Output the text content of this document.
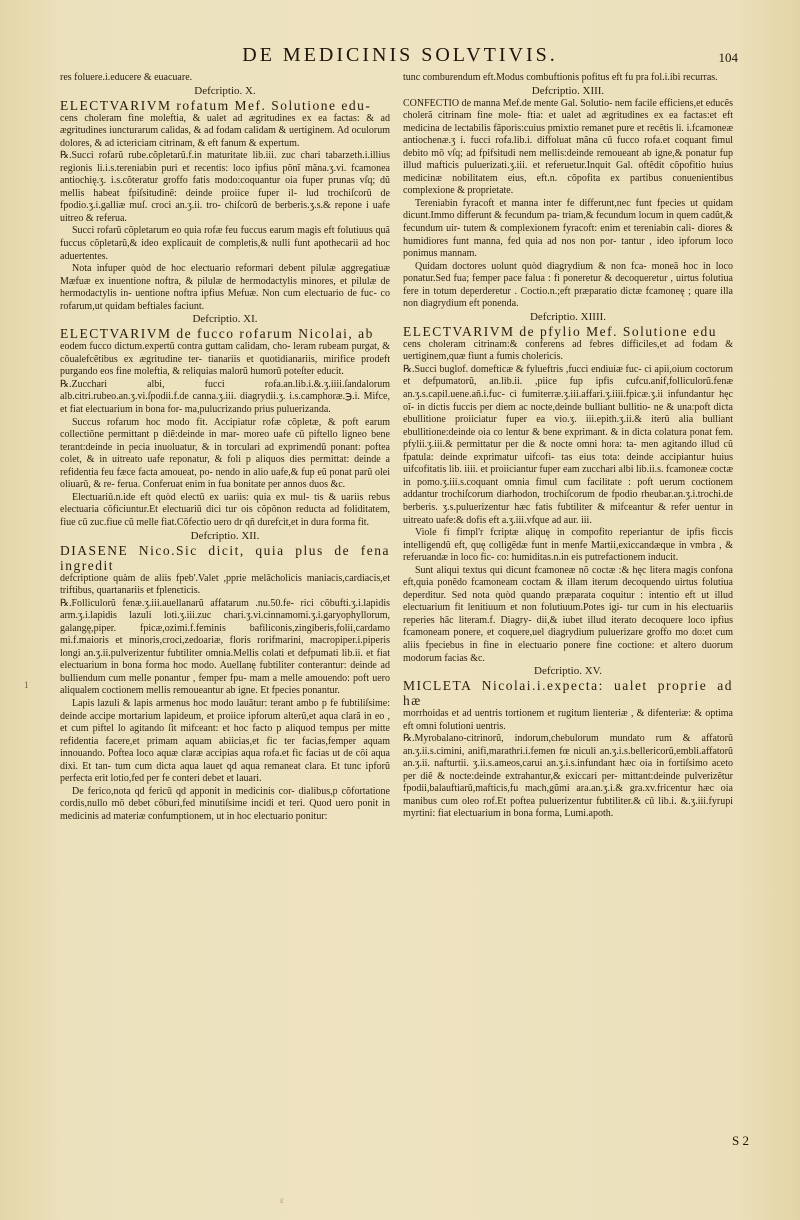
DE MEDICINIS SOLVTIVIS.	104

res foluere.i.educere & euacuare.

Defcriptio. X.

ELECTVARIVM rofatum Mef. Solutione edu-

cens choleram fine moleftia, & ualet ad ægritudines ex ea factas: & ad ægritudines iuncturarum calidas, & ad fodam calidam & uertiginem. Ad oculorum dolores, & ad ictericiam citrinam, & eft fanum & expertum.

℞.Succi rofarũ rube.cõpletarũ.f.in maturitate lib.iii. zuc chari tabarzeth.i.illius regionis li.i.s.tereniabin puri et recentis: loco ipfius põnĩ mãna.ʒ.vi. fcamonea antiochię.ʒ. i.s.cõteratur groffo fatis modo:coquantur oia fuper prunas vſq; dũ mellis habeat fpiſsitudinẽ: deinde proiice fuper il- lud trochiſcorũ de fpodio.ʒ.i.galliæ muſ. croci an.ʒ.ii. tro- chiſcorũ de berberis.ʒ.s.& repone i uafe uitreo & referua.

Succi rofarũ cõpletarum eo quia rofæ feu fuccus earum magis eft folutiuus quã fuccus cõpletarũ,& ideo explicauit de completis,& nulli funt apothecarii ad hoc aduertentes.

Nota infuper quòd de hoc electuario reformari debent pilulæ aggregatiuæ Mæfuæ ex inuentione noftra, & pilulæ de hermodactylis minores, et pilulæ de hermodactylis in- uentione noftra ipfius Mefuæ. Non cum electuario de fuc- co rofarum,ut quidam beftiales faciunt.

Defcriptio. XI.

ELECTVARIVM de fucco rofarum Nicolai, ab

eodem fucco dictum.expertũ contra guttam calidam, cho- leram rubeam purgat, & cõualefcẽtibus ex ægritudine ter- tianariis et quotidianariis, mirifice prodeft purgando eos fine moleftia, & reliquias malorũ humorũ poteſter educit.

℞.Zucchari albi, fucci rofa.an.lib.i.&.ʒ.iiii.ſandalorum alb.citri.rubeo.an.ʒ.vi.ſpodii.f.de canna.ʒ.iii. diagrydii.ʒ. i.s.camphoræ.℈.i. Mifce, et fiat electuarium in bona for- ma,pulucrizando prius puluerizanda.

Succus rofarum hoc modo fit. Accipiatur rofæ cõpletæ, & poft earum collectiõne permittant p diẽ:deinde in mar- moreo uafe cũ piftello ligneo bene terant:deinde in pecia inuoluatur, & in torculari ad exprimendũ ponant: poftea colet, & in uitreato uafe reponatur, & foli p aliquos dies permittat: deinde a refidentia feu fæce facta amoueat, po- nendo in alio uafe,& fup eũ ponat parũ olei oliuarũ, & re- ferua. Conferuat enim in fua bonitate per annos duos &c.

Electuariũ.n.ide eft quòd electũ ex uariis: quia ex mul- tis & uariis rebus electuaria cõficiuntur.Et electuariũ dici tur ois cõpõnon reducta ad foliditatem, fiue cũ zuc.fiue cũ melle fiat.Cõfectio uero dr qñ durefcit,et in dura forma fit.

Defcriptio. XII.

DIASENE Nico.Sic dicit, quia plus de fena ingredit

defcriptione quàm de aliis fpeb'.Valet ,pprie melãcholicis maniacis,cardiacis,et triftibus, quartanariis et fplenєticis.

℞.Folliculorũ fenæ.ʒ.iii.auellanarũ affatarum .nu.50.fe- rici cõbufti.ʒ.i.lapidis arm.ʒ.i.lapidis lazuli loti.ʒ.iii.zuc chari.ʒ.vi.cinnamomi.ʒ.i.garyophyllorum, galangę,piper. fpicæ,ozimi.f.feminis bafiliconis,zingiberis,folii,cardamo mi.f.maioris et minoris,croci,zedoariæ, floris rorifmarini, macropiper.i.piperis longi an.ʒ.ii.pulverizentur fubtiliter omnia.Mellis colati et defpumati lib.ii. et fiat electuarium in bona forma hoc modo. Auellanę fubtiliter conterantur: deinde ad bulliendum cum melle ponantur , femper fpu- mam a melle amouendo: poft uero aliqualem coctionem mellis remoueantur ab igne. Et fpecies ponantur.

Lapis lazuli & lapis armenus hoc modo lauãtur: terant ambo p fe fubtiliſsime: deinde accipe mortarium lapideum, et proiice ipforum alterũ,et aqua clarã in eo , et cum piftel lo agitando ſit mifceant: et hoc facto p aliquod tempus per mitte refidentia facere,et primam aquam abiicias,et fic ter facias,femper aquam innouando. Poftea loco aquæ claræ accipias aqua rofa.et fic facias ut de cõi aqua dixi. Et tan- tum cum dicta aqua lauet qd aqua remaneat clara. Et tunc ipforũ perfecta erit lotio,fed per fe conteri debet et lauari.

De ferico,nota qd fericũ qd apponit in medicinis cor- dialibus,p cõfortatione cordis,nullo mõ debet cõburi,fed minutiſsime incidi et teri. Quod uero ponit in medicinis ad materiæ confumptionem, ut in hoc electuario ponitur:

tunc comburendum eft.Modus combuftionis pofitus eft fu pra fol.i.ibi recurras.

Defcriptio. XIII.

CONFECTIO de manna Mef.de mente Gal. Solutio- nem facile efficiens,et educẽs cholerã citrinam fine mole- ftia: et ualet ad ægritudines ex ea factas:et eft medicina de lectabilis fãporis:cuius pmixtio remanet pure et recẽtis li. i.fcamoneæ antiochenæ.ʒ i. fucci rofa.lib.i. diffoluat mãna cũ fucco rofa.et coquant fimul debito mõ vſq; ad fpifsitudi nem mellis:deinde remoueant ab igne,& ponatur fup illud mafticis puluerizati.ʒ.iii. et referuetur.Inquit Gal. oftẽdit cõpofitio huius medicinæ nobilitatem eius, eft.n. cõpofita ex partibus conuenientibus complexione & proprietate.

Tereniabin fyracoft et manna inter fe differunt,nec funt fpecies ut quidam dicunt.Immo differunt & fecundum pa- triam,& fecundum locum in quem cadũt,& fecundum uir- tutem & complexionem fyracoft: enim et tereniabin cali- diores & humidiores funt manna, fed quia ad nos non por- tantur , ideo ipforum loco ponimus mannam.

Quidam doctores uolunt quòd diagrydium & non fca- moneã hoc in loco ponatur.Sed fua; femper pace falua : fi poneretur & decoqueretur , uirtus folutiua fere in totum deperderetur . Coctio.n.;eft præparatio dictæ fcamoneę ; quare illa non diagrydium eft ponenda.

Defcriptio. XIIII.

ELECTVARIVM de pfylio Mef. Solutione edu

cens choleram citrinam:& conferens ad febres difficiles,et ad fodam & uertiginem,quæ fiunt a fumis cholericis.

℞.Succi buglof. domefticæ & fylueftris ,fucci endiuiæ fuc- ci apii,oium coctorum et defpumatorũ, an.lib.ii. ,piice fup ipfis cufcu.anif,folliculorũ.fenæ an.ʒ.s.capil.uene.añ.i.fuc- ci fumiterræ.ʒ.iii.affari.ʒ.iiii.fpicæ.ʒ.ii infundantur hęc oĩ- in dictis fuccis per diem ac nocte,deinde bulliant bullitio- ne & una:poft dicta ebullitione proiiciatur fuper ea vio.ʒ. iii.epith.ʒ.ii.& iterũ alia bulliant ebullitione:deinde oia co lentur & bene exprimant. & in dicta colatura ponat fem. pfylii.ʒ.iii.& permittatur per die & nocte omni hora: ta- men agitando illud cũ fpatula: deinde exprimatur uifcofi- tas eius tota: deinde accipiantur huius uifcofitatis lib. iiii. et proiiciantur fuper eam zucchari albi lib.ii.s. fcamoneæ coctæ in pomo.ʒ.iii.s.coquant omnia fimul cum facilitate : poft uerum coctionem addantur trochiſcorum diarhodon, trochiſcorum de fpodio rheubar.an.ʒ.i.trochi.de berberis. ʒ.s.puluerizentur hæc fatis fubtiliter & mifceantur & refer uentur in uitreato uafe:& dofis eft a.ʒ.iii.vfque ad aur. iii.

Viole fi fimpl'r fcriptæ aliquę in compofito reperiantur de ipfis ficcis intelligendũ eft, quę colligẽdæ funt in menfe Martii,exiccandæque in vmbra , & referuandæ in loco fic- co: humiditas.n.in eis putrefactionem inducit.

Sunt aliqui textus qui dicunt fcamoneæ nõ coctæ :& hęc litera magis confona eft,quia ponẽdo fcamoneam coctam & illam iterum decoquendo uirtus folutiua deperditur. Sed nota quòd quando præparata coquitur : intentio eft ut illud electuarium fit lenitiuum et non folutiuum.Potes igi- tur cum in his electuariis reperies hãc literam.f. Diagry- dii,& iubet illud iterato decoquere loco ipfius fcamoneam ponere, et coquere,uel diagrydium puluerizare groffo mo do:et cum aliis fpeciebus in fine in electuario ponere fine coctione: et altero duorum modorum facias &c.

Defcriptio. XV.

MICLETA Nicolai.i.expecta: ualet proprie ad hæ

morrhoidas et ad uentris tortionem et rugitum lienteriæ , & difenteriæ: & optima eft omni folutioni uentris.

℞.Myrobalano-citrinorũ, indorum,chebulorum mundato rum & affatorũ an.ʒ.ii.s.cimini, anifi,marathri.i.femen fœ niculi an.ʒ.i.s.bellericorũ,embli.affatorũ an.ʒ.ii. nafturtii. ʒ.ii.s.ameos,carui an.ʒ.i.s.infundant hæc oia in fortiſsimo aceto per diẽ & nocte:deinde extrahantur,& exiccari per- mittant:deinde pulverizẽtur fpodii,balauftiarũ,mafticis,fu mach,gũmi ara.an.ʒ.i.& gra.xv.fricentur hæc oia manibus cum oleo rof.Et poftea puluerizentur fubtiliter.& cũ lib.i. &.ʒ.iii.fyrupi myrtini: fiat electuarium in bona forma, Lumi.apoth.

1
S 2
ε
